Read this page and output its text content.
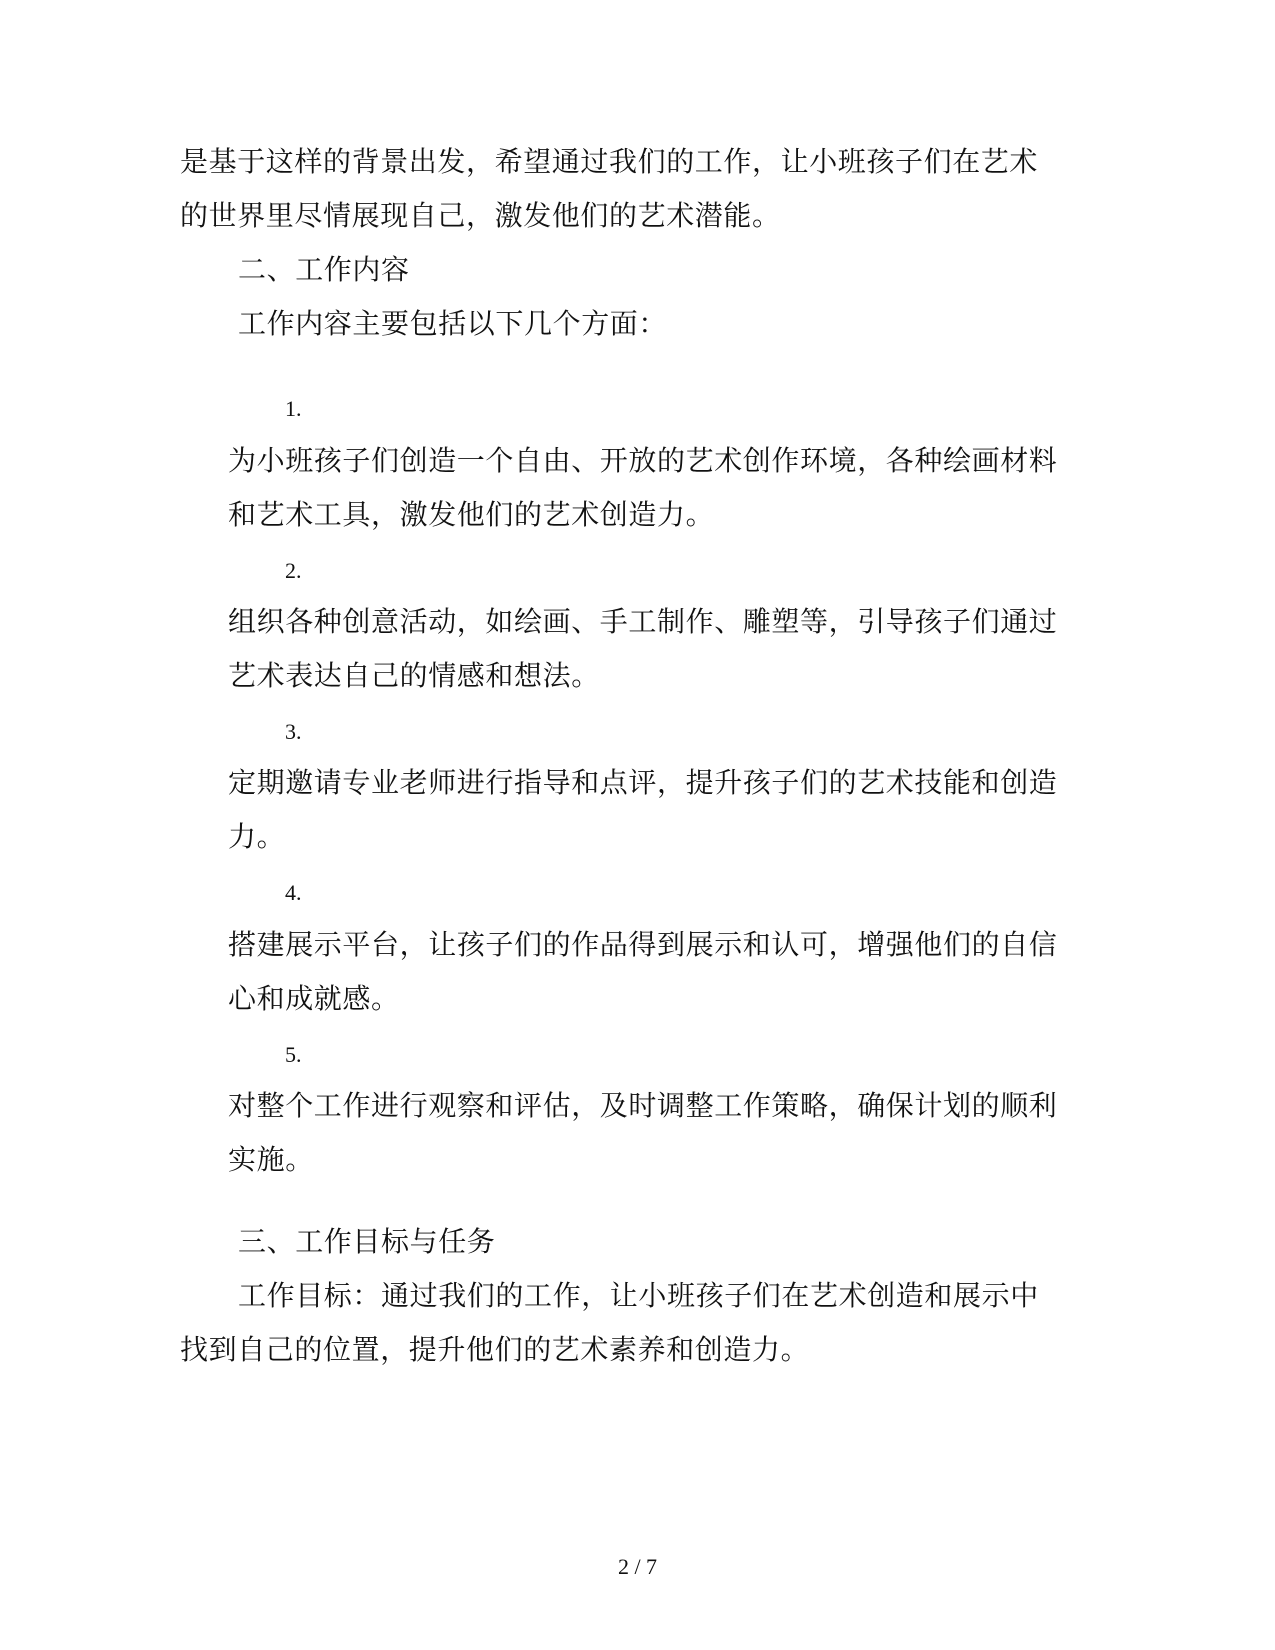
是基于这样的背景出发，希望通过我们的工作，让小班孩子们在艺术

的世界里尽情展现自己，激发他们的艺术潜能。

二、工作内容

工作内容主要包括以下几个方面：

1.

为小班孩子们创造一个自由、开放的艺术创作环境，各种绘画材料

和艺术工具，激发他们的艺术创造力。

2.

组织各种创意活动，如绘画、手工制作、雕塑等，引导孩子们通过

艺术表达自己的情感和想法。

3.

定期邀请专业老师进行指导和点评，提升孩子们的艺术技能和创造

力。

4.

搭建展示平台，让孩子们的作品得到展示和认可，增强他们的自信

心和成就感。

5.

对整个工作进行观察和评估，及时调整工作策略，确保计划的顺利

实施。

三、工作目标与任务

工作目标：通过我们的工作，让小班孩子们在艺术创造和展示中

找到自己的位置，提升他们的艺术素养和创造力。

2 / 7
